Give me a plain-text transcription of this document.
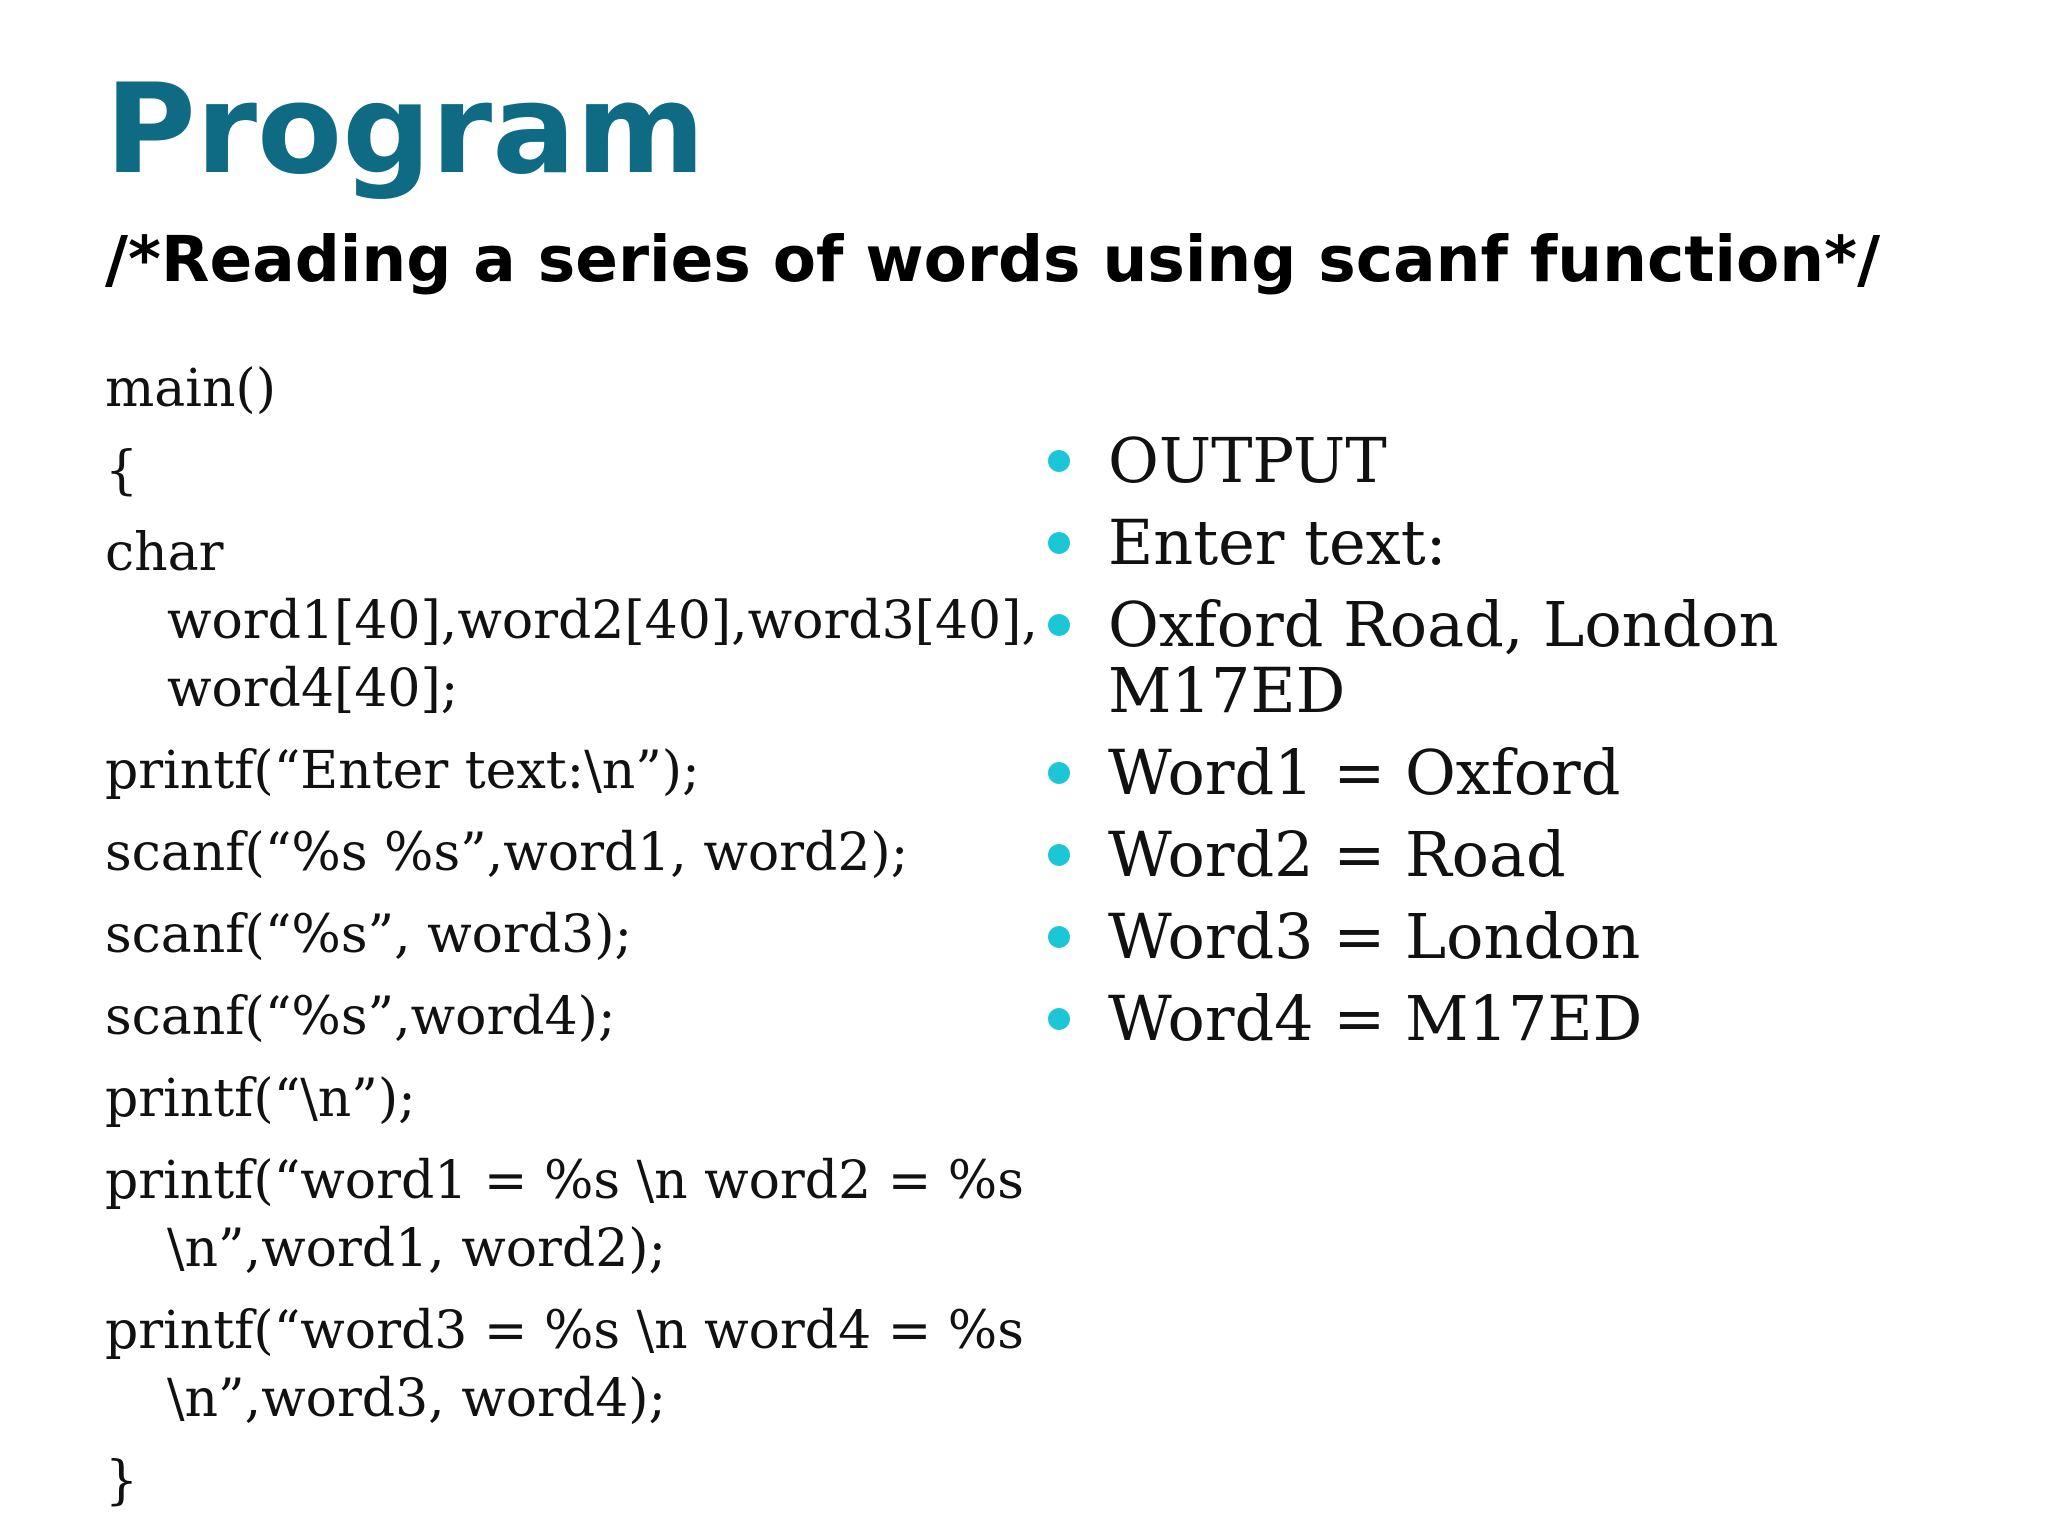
Program
/*Reading a series of words using scanf function*/
main()
{
char
word1[40],word2[40],word3[40],
word4[40];
printf(“Enter text:\n”);
scanf(“%s %s”,word1, word2);
scanf(“%s”, word3);
scanf(“%s”,word4);
printf(“\n”);
printf(“word1 = %s \n word2 = %s
\n”,word1, word2);
printf(“word3 = %s \n word4 = %s
\n”,word3, word4);
}
OUTPUT
Enter text:
Oxford Road, London
M17ED
Word1 = Oxford
Word2 = Road
Word3 = London
Word4 = M17ED
